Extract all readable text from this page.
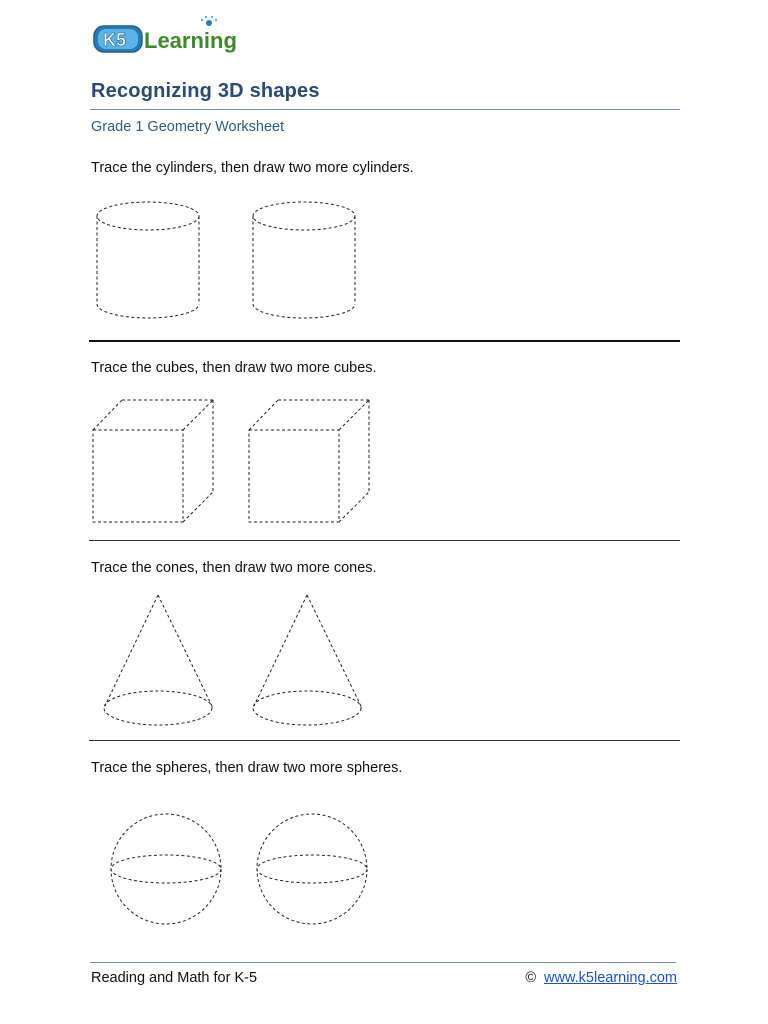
K5 Learning
Recognizing 3D shapes
Grade 1 Geometry Worksheet
Trace the cylinders, then draw two more cylinders.
Trace the cubes, then draw two more cubes.
Trace the cones, then draw two more cones.
Trace the spheres, then draw two more spheres.
Reading and Math for K-5	© www.k5learning.com
